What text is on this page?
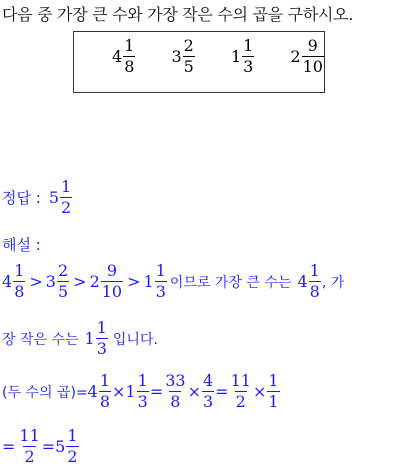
다음 중 가장 큰 수와 가장 작은 수의 곱을 구하시오.
$4 \frac{1}{8}$
$3 \frac{2}{5}$
$1 \frac{1}{3}$
$2 \frac{9}{10}$
정답 : $5 \frac{1}{2}$
해설 :
$4 \frac{1}{8} > 3 \frac{2}{5} > 2 \frac{9}{10} > 1 \frac{1}{3}$ 이므로 가장 큰 수는 $4 \frac{1}{8}$ , 가
장 작은 수는 $1 \frac{1}{3}$ 입니다.
(두 수의 곱)= $4 \frac{1}{8} \times 1 \frac{1}{3} = \frac{33}{8} \times \frac{4}{3} = \frac{11}{2} \times \frac{1}{1}$
= $\frac{11}{2} = 5 \frac{1}{2}$
